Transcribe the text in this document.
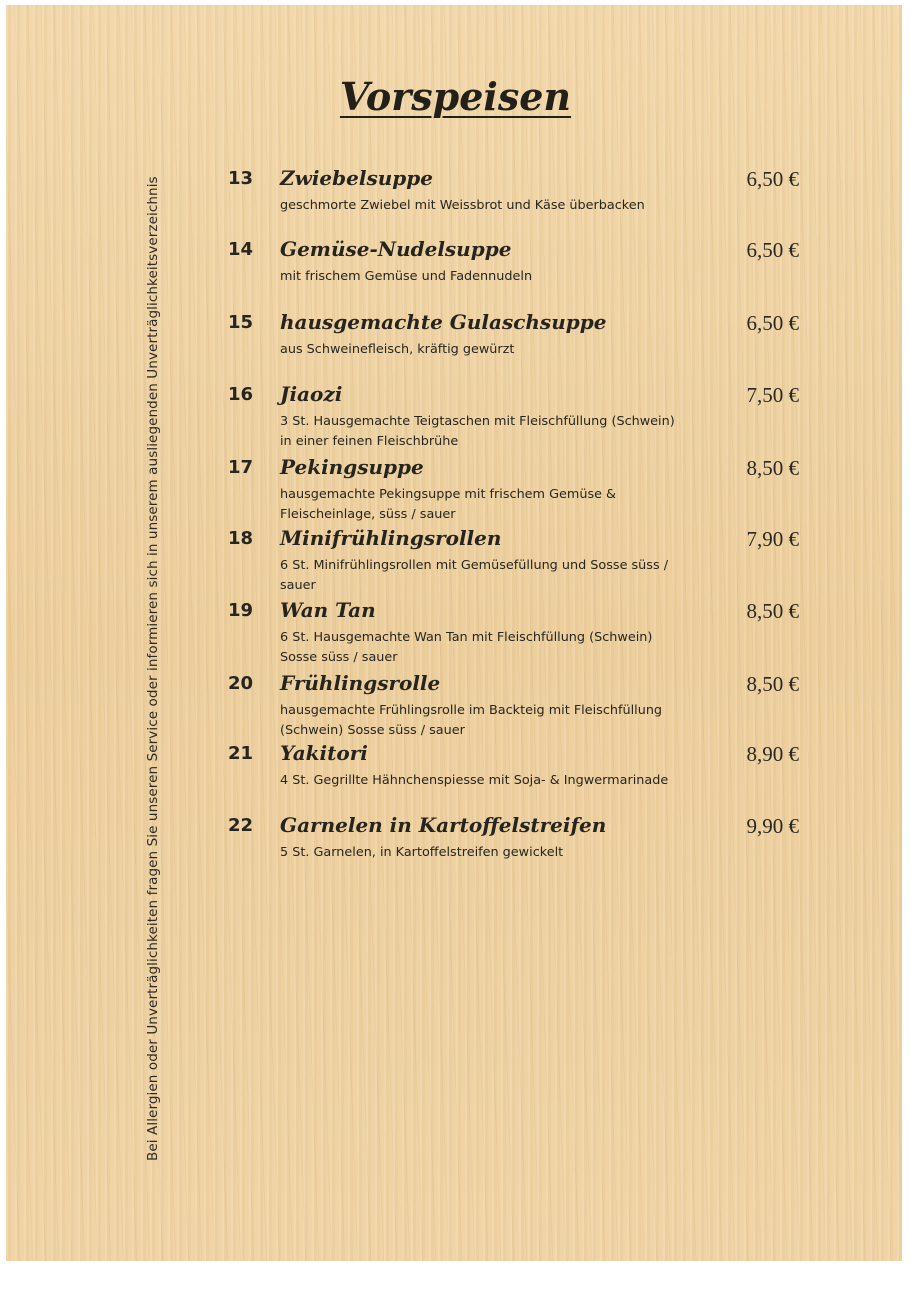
Vorspeisen
Bei Allergien oder Unverträglichkeiten fragen Sie unseren Service oder informieren sich in unserem ausliegenden Unverträglichkeitsverzeichnis	13 Zwiebelsuppe	6,50 €
geschmorte Zwiebel mit Weissbrot und Käse überbacken
14 Gemüse-Nudelsuppe	6,50 €
mit frischem Gemüse und Fadennudeln
15 hausgemachte Gulaschsuppe	6,50 €
aus Schweinefleisch, kräftig gewürzt
16 Jiaozi	7,50 €
3 St. Hausgemachte Teigtaschen mit Fleischfüllung (Schwein) in einer feinen Fleischbrühe
17 Pekingsuppe	8,50 €
hausgemachte Pekingsuppe mit frischem Gemüse & Fleischeinlage, süss / sauer
18 Minifrühlingsrollen	7,90 €
6 St. Minifrühlingsrollen mit Gemüsefüllung und Sosse süss / sauer
19 Wan Tan	8,50 €
6 St. Hausgemachte Wan Tan mit Fleischfüllung (Schwein) Sosse süss / sauer
20 Frühlingsrolle	8,50 €
hausgemachte Frühlingsrolle im Backteig mit Fleischfüllung (Schwein) Sosse süss / sauer
21 Yakitori	8,90 €
4 St. Gegrillte Hähnchenspiesse mit Soja- & Ingwermarinade
22 Garnelen in Kartoffelstreifen	9,90 €
5 St. Garnelen, in Kartoffelstreifen gewickelt
